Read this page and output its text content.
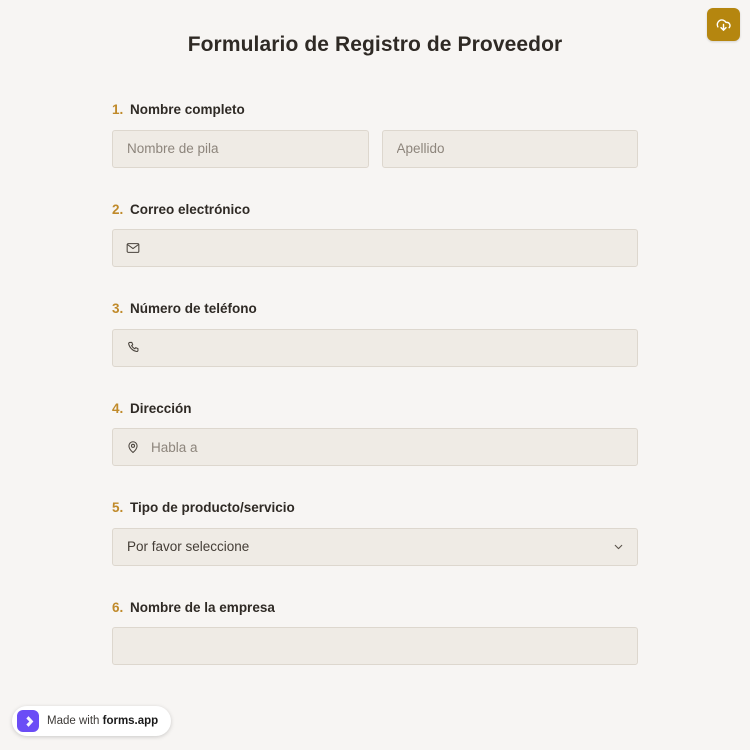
Formulario de Registro de Proveedor
1. Nombre completo
Nombre de pila
Apellido
2. Correo electrónico
3. Número de teléfono
4. Dirección
Habla a
5. Tipo de producto/servicio
Por favor seleccione
6. Nombre de la empresa
Made with forms.app
